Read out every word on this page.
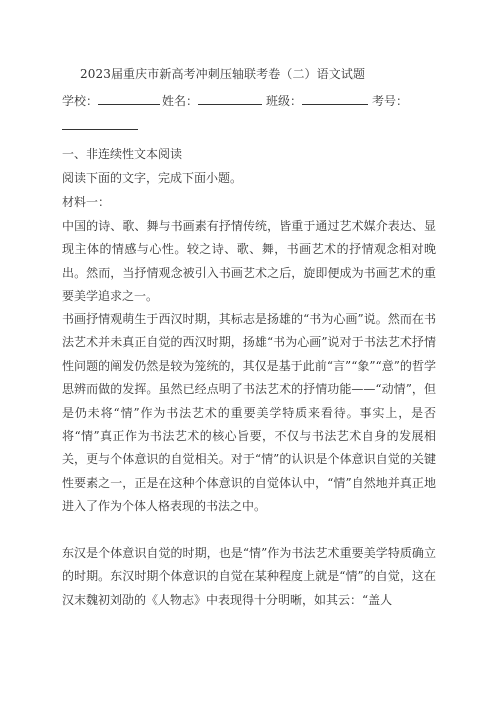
2023届重庆市新高考冲刺压轴联考卷（二）语文试题
学校：	姓名：	班级：	考号：
一、非连续性文本阅读
阅读下面的文字，完成下面小题。
材料一：

中国的诗、歌、舞与书画素有抒情传统，皆重于通过艺术媒介表达、显现主体的情感与心性。较之诗、歌、舞，书画艺术的抒情观念相对晚出。然而，当抒情观念被引入书画艺术之后，旋即便成为书画艺术的重要美学追求之一。

书画抒情观萌生于西汉时期，其标志是扬雄的“书为心画”说。然而在书法艺术并未真正自觉的西汉时期，扬雄“书为心画”说对于书法艺术抒情性问题的阐发仍然是较为笼统的，其仅是基于此前“言”“象”“意”的哲学思辨而做的发挥。虽然已经点明了书法艺术的抒情功能——“动情”，但是仍未将“情”作为书法艺术的重要美学特质来看待。事实上，是否将“情”真正作为书法艺术的核心旨要，不仅与书法艺术自身的发展相关，更与个体意识的自觉相关。对于“情”的认识是个体意识自觉的关键性要素之一，正是在这种个体意识的自觉体认中，“情”自然地并真正地进入了作为个体人格表现的书法之中。

东汉是个体意识自觉的时期，也是“情”作为书法艺术重要美学特质确立的时期。东汉时期个体意识的自觉在某种程度上就是“情”的自觉，这在汉末魏初刘劭的《人物志》中表现得十分明晰，如其云：“盖人
